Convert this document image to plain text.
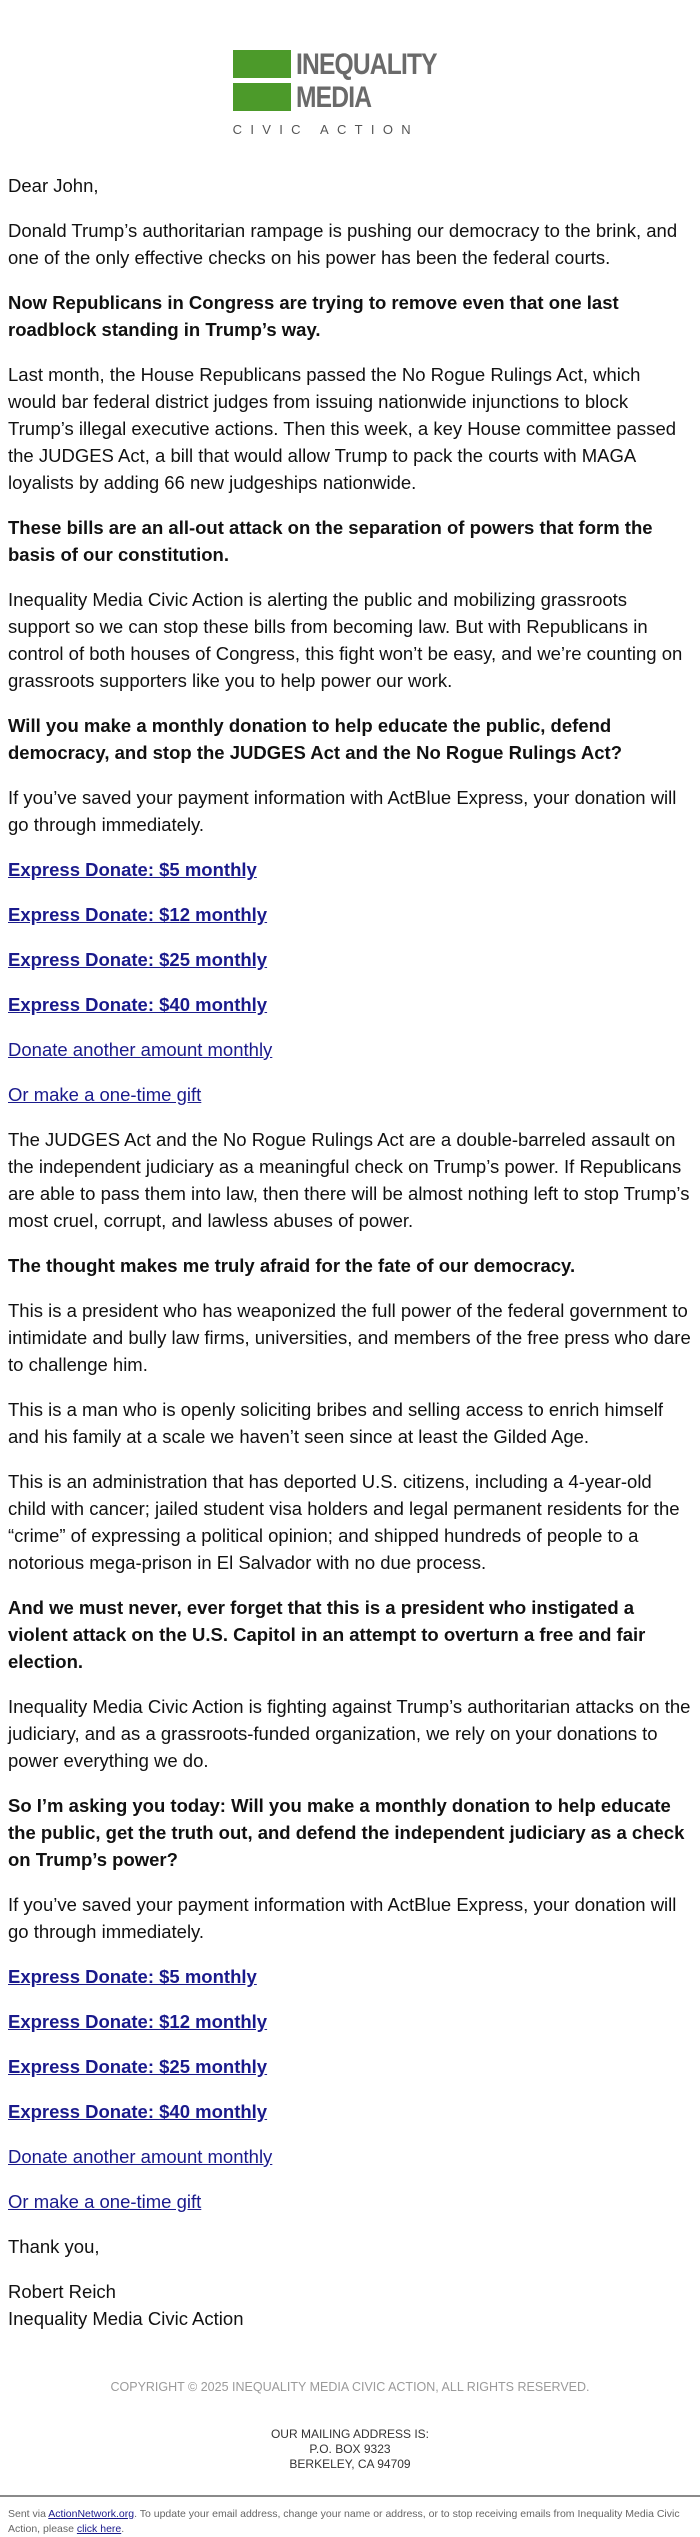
INEQUALITY
MEDIA
CIVIC ACTION
Dear John,
Donald Trump’s authoritarian rampage is pushing our democracy to the brink, and one of the only effective checks on his power has been the federal courts.
Now Republicans in Congress are trying to remove even that one last roadblock standing in Trump’s way.
Last month, the House Republicans passed the No Rogue Rulings Act, which would bar federal district judges from issuing nationwide injunctions to block Trump’s illegal executive actions. Then this week, a key House committee passed the JUDGES Act, a bill that would allow Trump to pack the courts with MAGA loyalists by adding 66 new judgeships nationwide.
These bills are an all-out attack on the separation of powers that form the basis of our constitution.
Inequality Media Civic Action is alerting the public and mobilizing grassroots support so we can stop these bills from becoming law. But with Republicans in control of both houses of Congress, this fight won’t be easy, and we’re counting on grassroots supporters like you to help power our work.
Will you make a monthly donation to help educate the public, defend democracy, and stop the JUDGES Act and the No Rogue Rulings Act?
If you’ve saved your payment information with ActBlue Express, your donation will go through immediately.
Express Donate: $5 monthly
Express Donate: $12 monthly
Express Donate: $25 monthly
Express Donate: $40 monthly
Donate another amount monthly
Or make a one-time gift
The JUDGES Act and the No Rogue Rulings Act are a double-barreled assault on the independent judiciary as a meaningful check on Trump’s power. If Republicans are able to pass them into law, then there will be almost nothing left to stop Trump’s most cruel, corrupt, and lawless abuses of power.
The thought makes me truly afraid for the fate of our democracy.
This is a president who has weaponized the full power of the federal government to intimidate and bully law firms, universities, and members of the free press who dare to challenge him.
This is a man who is openly soliciting bribes and selling access to enrich himself and his family at a scale we haven’t seen since at least the Gilded Age.
This is an administration that has deported U.S. citizens, including a 4-year-old child with cancer; jailed student visa holders and legal permanent residents for the “crime” of expressing a political opinion; and shipped hundreds of people to a notorious mega-prison in El Salvador with no due process.
And we must never, ever forget that this is a president who instigated a violent attack on the U.S. Capitol in an attempt to overturn a free and fair election.
Inequality Media Civic Action is fighting against Trump’s authoritarian attacks on the judiciary, and as a grassroots-funded organization, we rely on your donations to power everything we do.
So I’m asking you today: Will you make a monthly donation to help educate the public, get the truth out, and defend the independent judiciary as a check on Trump’s power?
If you’ve saved your payment information with ActBlue Express, your donation will go through immediately.
Express Donate: $5 monthly
Express Donate: $12 monthly
Express Donate: $25 monthly
Express Donate: $40 monthly
Donate another amount monthly
Or make a one-time gift
Thank you,
Robert Reich
Inequality Media Civic Action
COPYRIGHT © 2025 INEQUALITY MEDIA CIVIC ACTION, ALL RIGHTS RESERVED.
OUR MAILING ADDRESS IS:
P.O. BOX 9323
BERKELEY, CA 94709
Sent via ActionNetwork.org. To update your email address, change your name or address, or to stop receiving emails from Inequality Media Civic Action, please click here.
